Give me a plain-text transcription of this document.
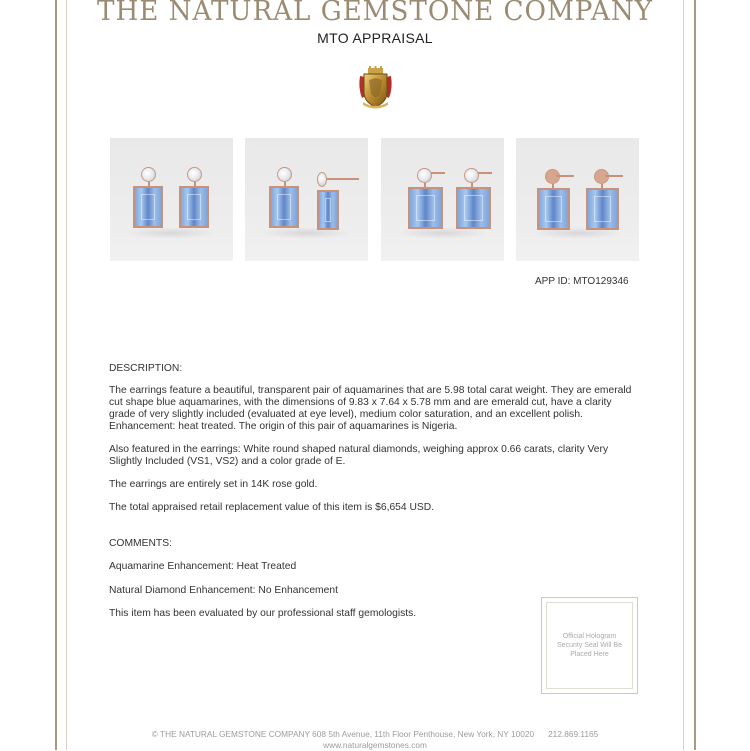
THE NATURAL GEMSTONE COMPANY
MTO APPRAISAL
APP ID: MTO129346
DESCRIPTION:

The earrings feature a beautiful, transparent pair of aquamarines that are 5.98 total carat weight. They are emerald cut shape blue aquamarines, with the dimensions of 9.83 x 7.64 x 5.78 mm and are emerald cut, have a clarity grade of very slightly included (evaluated at eye level), medium color saturation, and an excellent polish. Enhancement: heat treated. The origin of this pair of aquamarines is Nigeria.

Also featured in the earrings: White round shaped natural diamonds, weighing approx 0.66 carats, clarity Very Slightly Included (VS1, VS2) and a color grade of E.

The earrings are entirely set in 14K rose gold.

The total appraised retail replacement value of this item is $6,654 USD.

COMMENTS:
Aquamarine Enhancement: Heat Treated
Natural Diamond Enhancement: No Enhancement
This item has been evaluated by our professional staff gemologists.
Official Hologram Security Seal Will Be Placed Here
© THE NATURAL GEMSTONE COMPANY 608 5th Avenue, 11th Floor Penthouse, New York, NY 10020 212.869.1165
www.naturalgemstones.com
